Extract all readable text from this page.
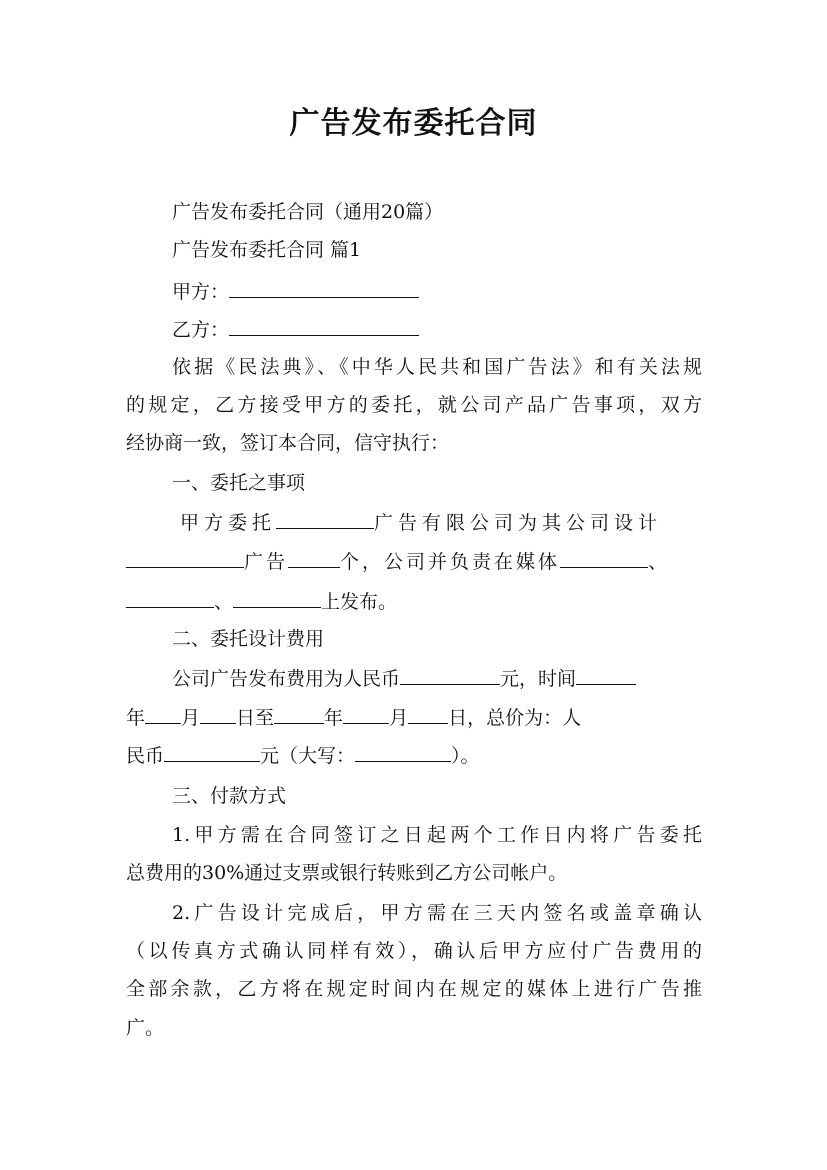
广告发布委托合同
广告发布委托合同（通用20篇）
广告发布委托合同 篇1
甲方：
乙方：
依据《民法典》、《中华人民共和国广告法》和有关法规
的规定，乙方接受甲方的委托，就公司产品广告事项，双方
经协商一致，签订本合同，信守执行：
一、委托之事项
甲方委托	广告有限公司为其公司设计
广告	个，公司并负责在媒体	、
、	上发布。
二、委托设计费用
公司广告发布费用为人民币	元，时间
年 月 日至	年 月 日，总价为：人
民币	元（大写：	）。
三、付款方式
1.甲方需在合同签订之日起两个工作日内将广告委托
总费用的30%通过支票或银行转账到乙方公司帐户。
2.广告设计完成后，甲方需在三天内签名或盖章确认
（以传真方式确认同样有效），确认后甲方应付广告费用的
全部余款，乙方将在规定时间内在规定的媒体上进行广告推
广。
